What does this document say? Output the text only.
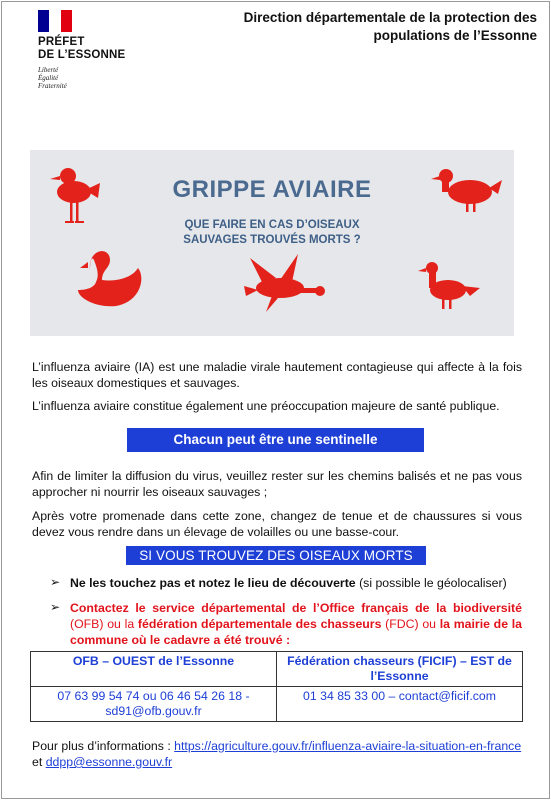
PRÉFET
DE L’ESSONNE
Liberté
Égalité
Fraternité
Direction départementale de la protection des populations de l’Essonne
GRIPPE AVIAIRE
QUE FAIRE EN CAS D’OISEAUX
SAUVAGES TROUVÉS MORTS ?
L’influenza aviaire (IA) est une maladie virale hautement contagieuse qui affecte à la fois les oiseaux domestiques et sauvages.
L’influenza aviaire constitue également une préoccupation majeure de santé publique.
Chacun peut être une sentinelle
Afin de limiter la diffusion du virus, veuillez rester sur les chemins balisés et ne pas vous approcher ni nourrir les oiseaux sauvages ;
Après votre promenade dans cette zone, changez de tenue et de chaussures si vous devez vous rendre dans un élevage de volailles ou une basse-cour.
SI VOUS TROUVEZ DES OISEAUX MORTS
➢ Ne les touchez pas et notez le lieu de découverte (si possible le géolocaliser)
➢ Contactez le service départemental de l’Office français de la biodiversité (OFB) ou la fédération départementale des chasseurs (FDC) ou la mairie de la commune où le cadavre a été trouvé :
OFB – OUEST de l’Essonne	Fédération chasseurs (FICIF) – EST de l’Essonne

07 63 99 54 74 ou 06 46 54 26 18 -
sd91@ofb.gouv.fr	01 34 85 33 00 – contact@ficif.com
Pour plus d’informations : https://agriculture.gouv.fr/influenza-aviaire-la-situation-en-france et ddpp@essonne.gouv.fr
